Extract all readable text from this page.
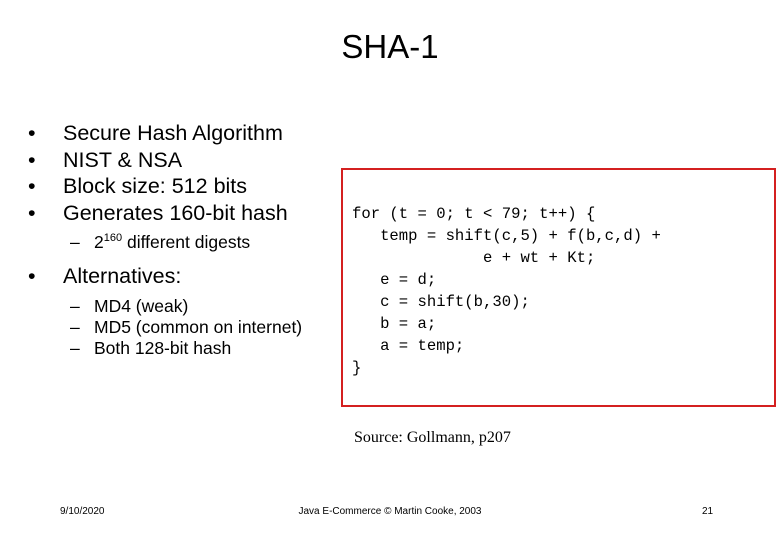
SHA-1
• Secure Hash Algorithm
• NIST & NSA
• Block size: 512 bits
• Generates 160-bit hash
– $2^{160}$ different digests
• Alternatives:
– MD4 (weak)
– MD5 (common on internet)
– Both 128-bit hash
for (t = 0; t < 79; t++) {
temp = shift(c,5) + f(b,c,d) +
e + wt + Kt;
e = d;
c = shift(b,30);
b = a;
a = temp;
}
Source: Gollmann, p207
9/10/2020	Java E-Commerce © Martin Cooke, 2003	21
